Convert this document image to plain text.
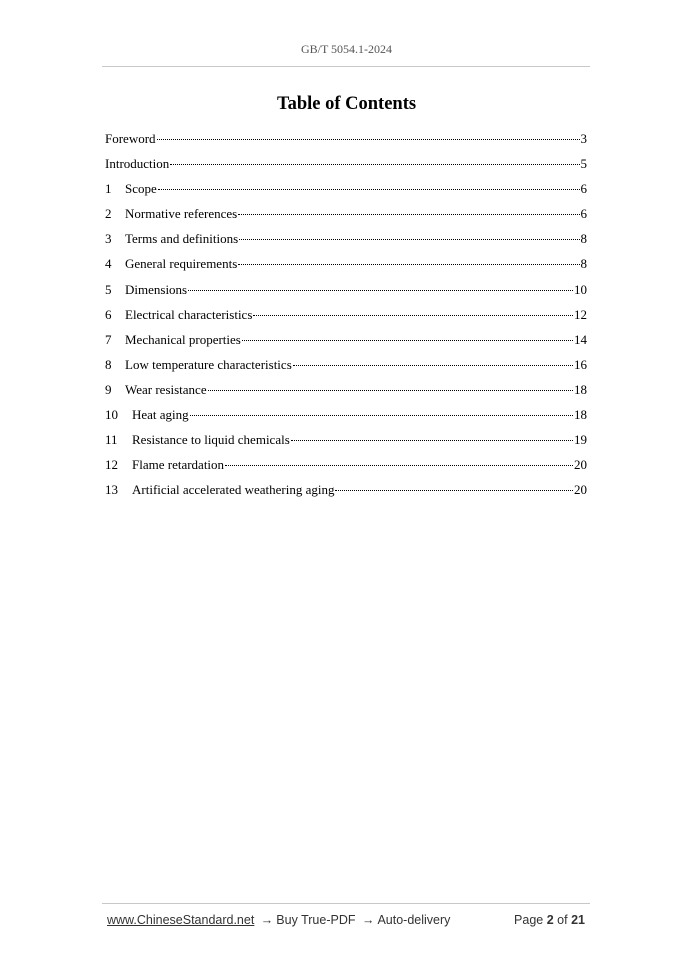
GB/T 5054.1-2024
Table of Contents
Foreword	3
Introduction	5
1	Scope	6
2	Normative references	6
3	Terms and definitions	8
4	General requirements	8
5	Dimensions	10
6	Electrical characteristics	12
7	Mechanical properties	14
8	Low temperature characteristics	16
9	Wear resistance	18
10	Heat aging	18
11	Resistance to liquid chemicals	19
12	Flame retardation	20
13	Artificial accelerated weathering aging	20
www.ChineseStandard.net → Buy True-PDF → Auto-delivery	Page 2 of 21
